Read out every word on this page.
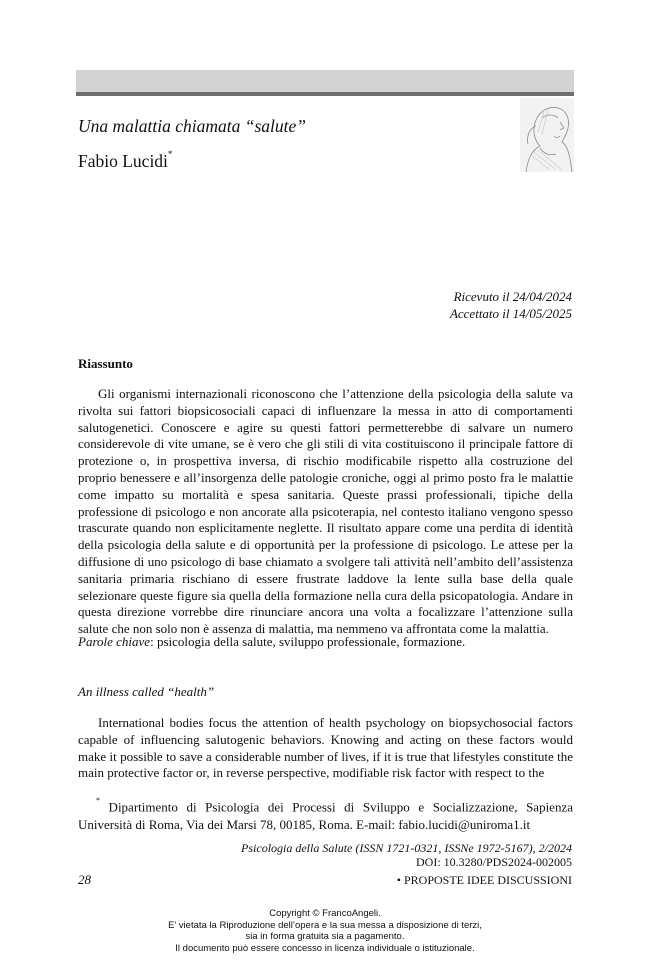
Una malattia chiamata “salute”
Fabio Lucidi*
Ricevuto il 24/04/2024
Accettato il 14/05/2025
Riassunto

Gli organismi internazionali riconoscono che l’attenzione della psicologia della salute va rivolta sui fattori biopsicosociali capaci di influenzare la messa in atto di comportamenti salutogenetici. Conoscere e agire su questi fattori permetterebbe di salvare un numero considerevole di vite umane, se è vero che gli stili di vita costituiscono il principale fattore di protezione o, in prospettiva inversa, di rischio modificabile rispetto alla costruzione del proprio benessere e all’insorgenza delle patologie croniche, oggi al primo posto fra le malattie come impatto su mortalità e spesa sanitaria. Queste prassi professionali, tipiche della professione di psicologo e non ancorate alla psicoterapia, nel contesto italiano vengono spesso trascurate quando non esplicitamente neglette. Il risultato appare come una perdita di identità della psicologia della salute e di opportunità per la professione di psicologo. Le attese per la diffusione di uno psicologo di base chiamato a svolgere tali attività nell’ambito dell’assistenza sanitaria primaria rischiano di essere frustrate laddove la lente sulla base della quale selezionare queste figure sia quella della formazione nella cura della psicopatologia. Andare in questa direzione vorrebbe dire rinunciare ancora una volta a focalizzare l’attenzione sulla salute che non solo non è assenza di malattia, ma nemmeno va affrontata come la malattia.

Parole chiave: psicologia della salute, sviluppo professionale, formazione.
An illness called “health”

International bodies focus the attention of health psychology on biopsychosocial factors capable of influencing salutogenic behaviors. Knowing and acting on these factors would make it possible to save a considerable number of lives, if it is true that lifestyles constitute the main protective factor or, in reverse perspective, modifiable risk factor with respect to the

* Dipartimento di Psicologia dei Processi di Sviluppo e Socializzazione, Sapienza Università di Roma, Via dei Marsi 78, 00185, Roma. E-mail: fabio.lucidi@uniroma1.it

Psicologia della Salute (ISSN 1721-0321, ISSNe 1972-5167), 2/2024
DOI: 10.3280/PDS2024-002005
28	• PROPOSTE IDEE DISCUSSIONI
Copyright © FrancoAngeli.
E’ vietata la Riproduzione dell’opera e la sua messa a disposizione di terzi,
sia in forma gratuita sia a pagamento.
Il documento può essere concesso in licenza individuale o istituzionale.
